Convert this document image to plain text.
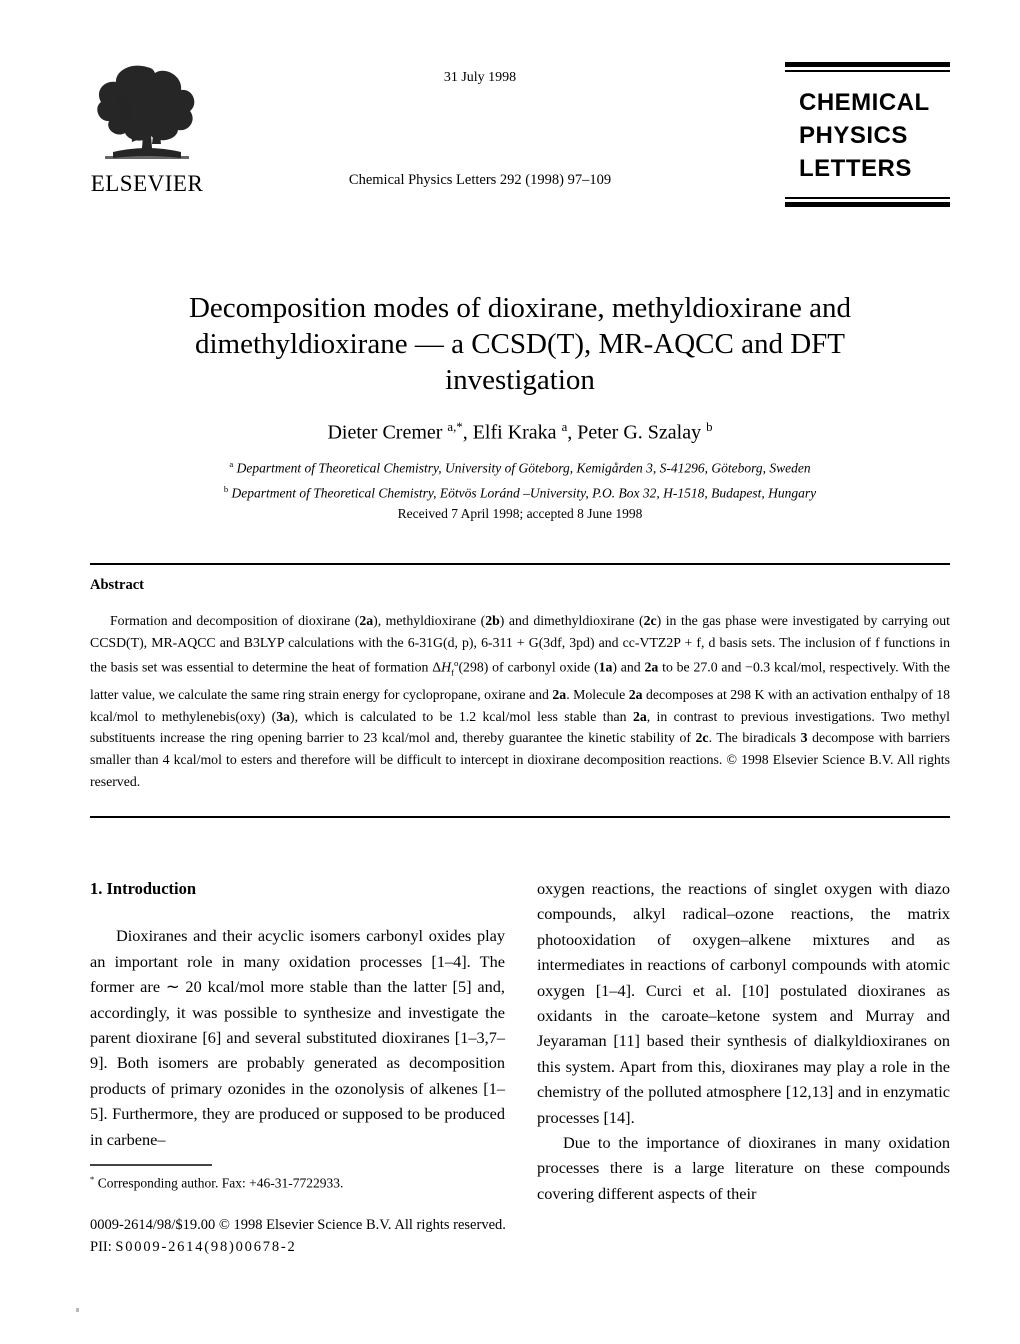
ELSEVIER
31 July 1998
Chemical Physics Letters 292 (1998) 97–109
CHEMICAL
PHYSICS
LETTERS
Decomposition modes of dioxirane, methyldioxirane and
dimethyldioxirane — a CCSD(T), MR-AQCC and DFT
investigation
Dieter Cremer $^{a,*}$, Elfi Kraka $^a$, Peter G. Szalay $^b$
$^a$ Department of Theoretical Chemistry, University of Göteborg, Kemigården 3, S-41296, Göteborg, Sweden
$^b$ Department of Theoretical Chemistry, Eötvös Loránd –University, P.O. Box 32, H-1518, Budapest, Hungary
Received 7 April 1998; accepted 8 June 1998
Abstract
Formation and decomposition of dioxirane (2a), methyldioxirane (2b) and dimethyldioxirane (2c) in the gas phase were investigated by carrying out CCSD(T), MR-AQCC and B3LYP calculations with the 6-31G(d, p), 6-311 + G(3df, 3pd) and cc-VTZ2P + f, d basis sets. The inclusion of f functions in the basis set was essential to determine the heat of formation $\Delta H_f^o(298)$ of carbonyl oxide (1a) and 2a to be 27.0 and −0.3 kcal/mol, respectively. With the latter value, we calculate the same ring strain energy for cyclopropane, oxirane and 2a. Molecule 2a decomposes at 298 K with an activation enthalpy of 18 kcal/mol to methylenebis(oxy) (3a), which is calculated to be 1.2 kcal/mol less stable than 2a, in contrast to previous investigations. Two methyl substituents increase the ring opening barrier to 23 kcal/mol and, thereby guarantee the kinetic stability of 2c. The biradicals 3 decompose with barriers smaller than 4 kcal/mol to esters and therefore will be difficult to intercept in dioxirane decomposition reactions. © 1998 Elsevier Science B.V. All rights reserved.
1. Introduction

Dioxiranes and their acyclic isomers carbonyl oxides play an important role in many oxidation processes [1–4]. The former are ∼ 20 kcal/mol more stable than the latter [5] and, accordingly, it was possible to synthesize and investigate the parent dioxirane [6] and several substituted dioxiranes [1–3,7–9]. Both isomers are probably generated as decomposition products of primary ozonides in the ozonolysis of alkenes [1–5]. Furthermore, they are produced or supposed to be produced in carbene–

oxygen reactions, the reactions of singlet oxygen with diazo compounds, alkyl radical–ozone reactions, the matrix photooxidation of oxygen–alkene mixtures and as intermediates in reactions of carbonyl compounds with atomic oxygen [1–4]. Curci et al. [10] postulated dioxiranes as oxidants in the caroate–ketone system and Murray and Jeyaraman [11] based their synthesis of dialkyldioxiranes on this system. Apart from this, dioxiranes may play a role in the chemistry of the polluted atmosphere [12,13] and in enzymatic processes [14].

Due to the importance of dioxiranes in many oxidation processes there is a large literature on these compounds covering different aspects of their

* Corresponding author. Fax: +46-31-7722933.
0009-2614/98/$19.00 © 1998 Elsevier Science B.V. All rights reserved.
PII: S0009-2614(98)00678-2
